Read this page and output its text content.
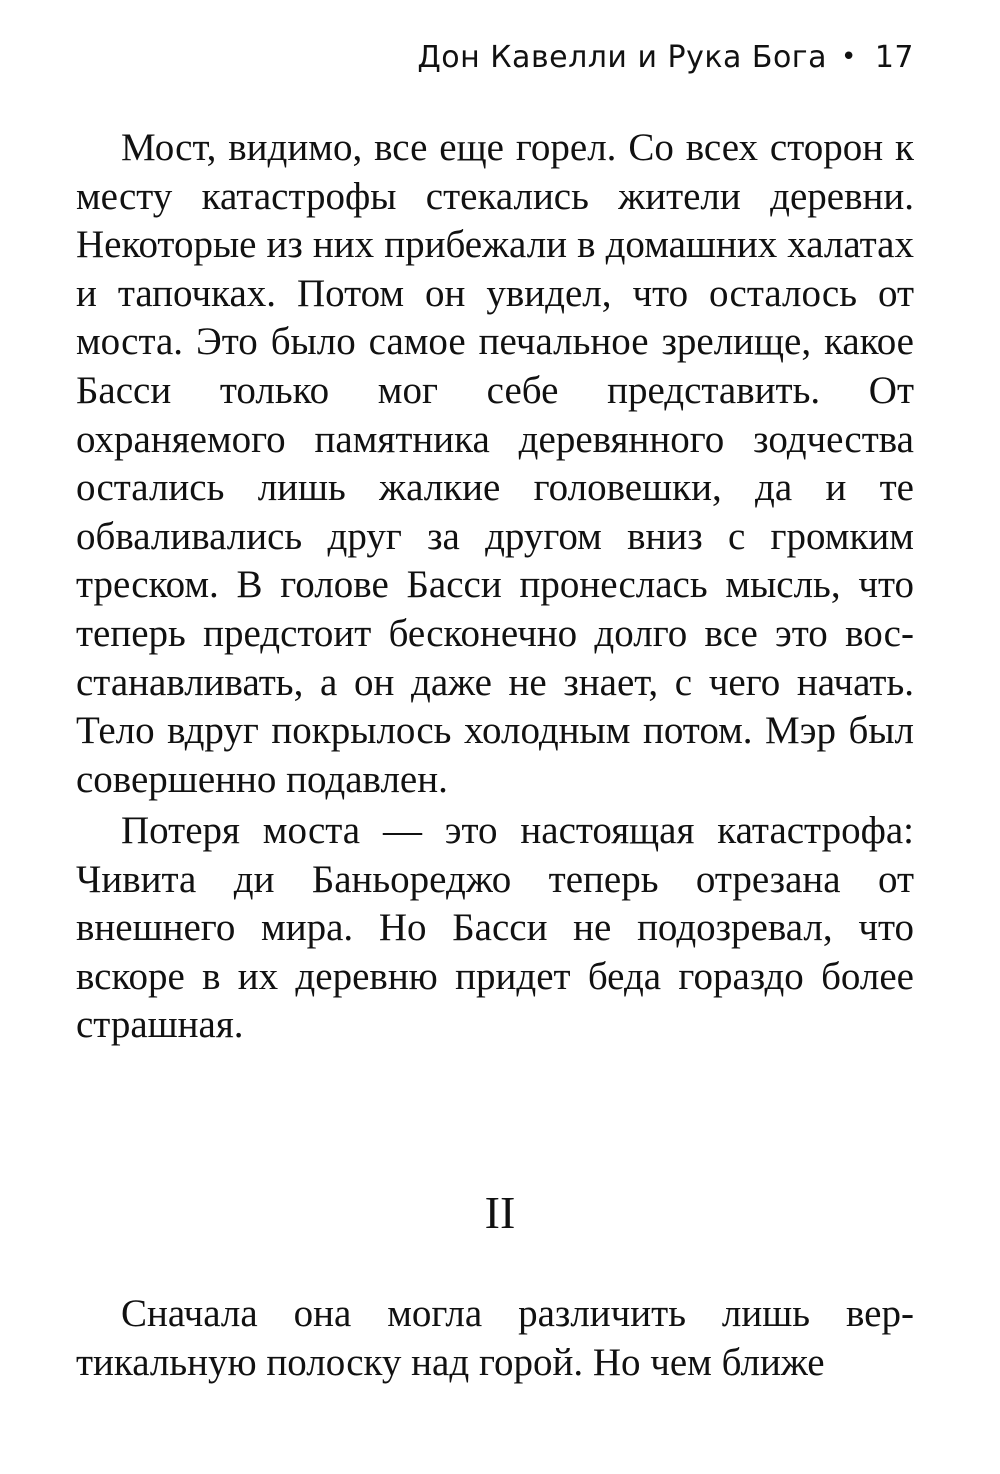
Дон Кавелли и Рука Бога • 17

Мост, видимо, все еще горел. Со всех сторон к месту катастрофы стекались жители деревни. Некоторые из них прибежали в домашних халатах и тапочках. Потом он увидел, что осталось от моста. Это было самое печальное зрелище, какое Басси только мог себе представить. От охраняемого памятника деревянного зодчества остались лишь жалкие головешки, да и те обваливались друг за другом вниз с громким треском. В голове Басси пронеслась мысль, что теперь предстоит бесконечно долго все это восстанавливать, а он даже не знает, с чего начать. Тело вдруг покрылось холодным потом. Мэр был совершенно подавлен.

Потеря моста — это настоящая катастрофа: Чивита ди Баньореджо теперь отрезана от внешнего мира. Но Басси не подозревал, что вскоре в их деревню придет беда гораздо более страшная.

II

Сначала она могла различить лишь вертикальную полоску над горой. Но чем ближе
